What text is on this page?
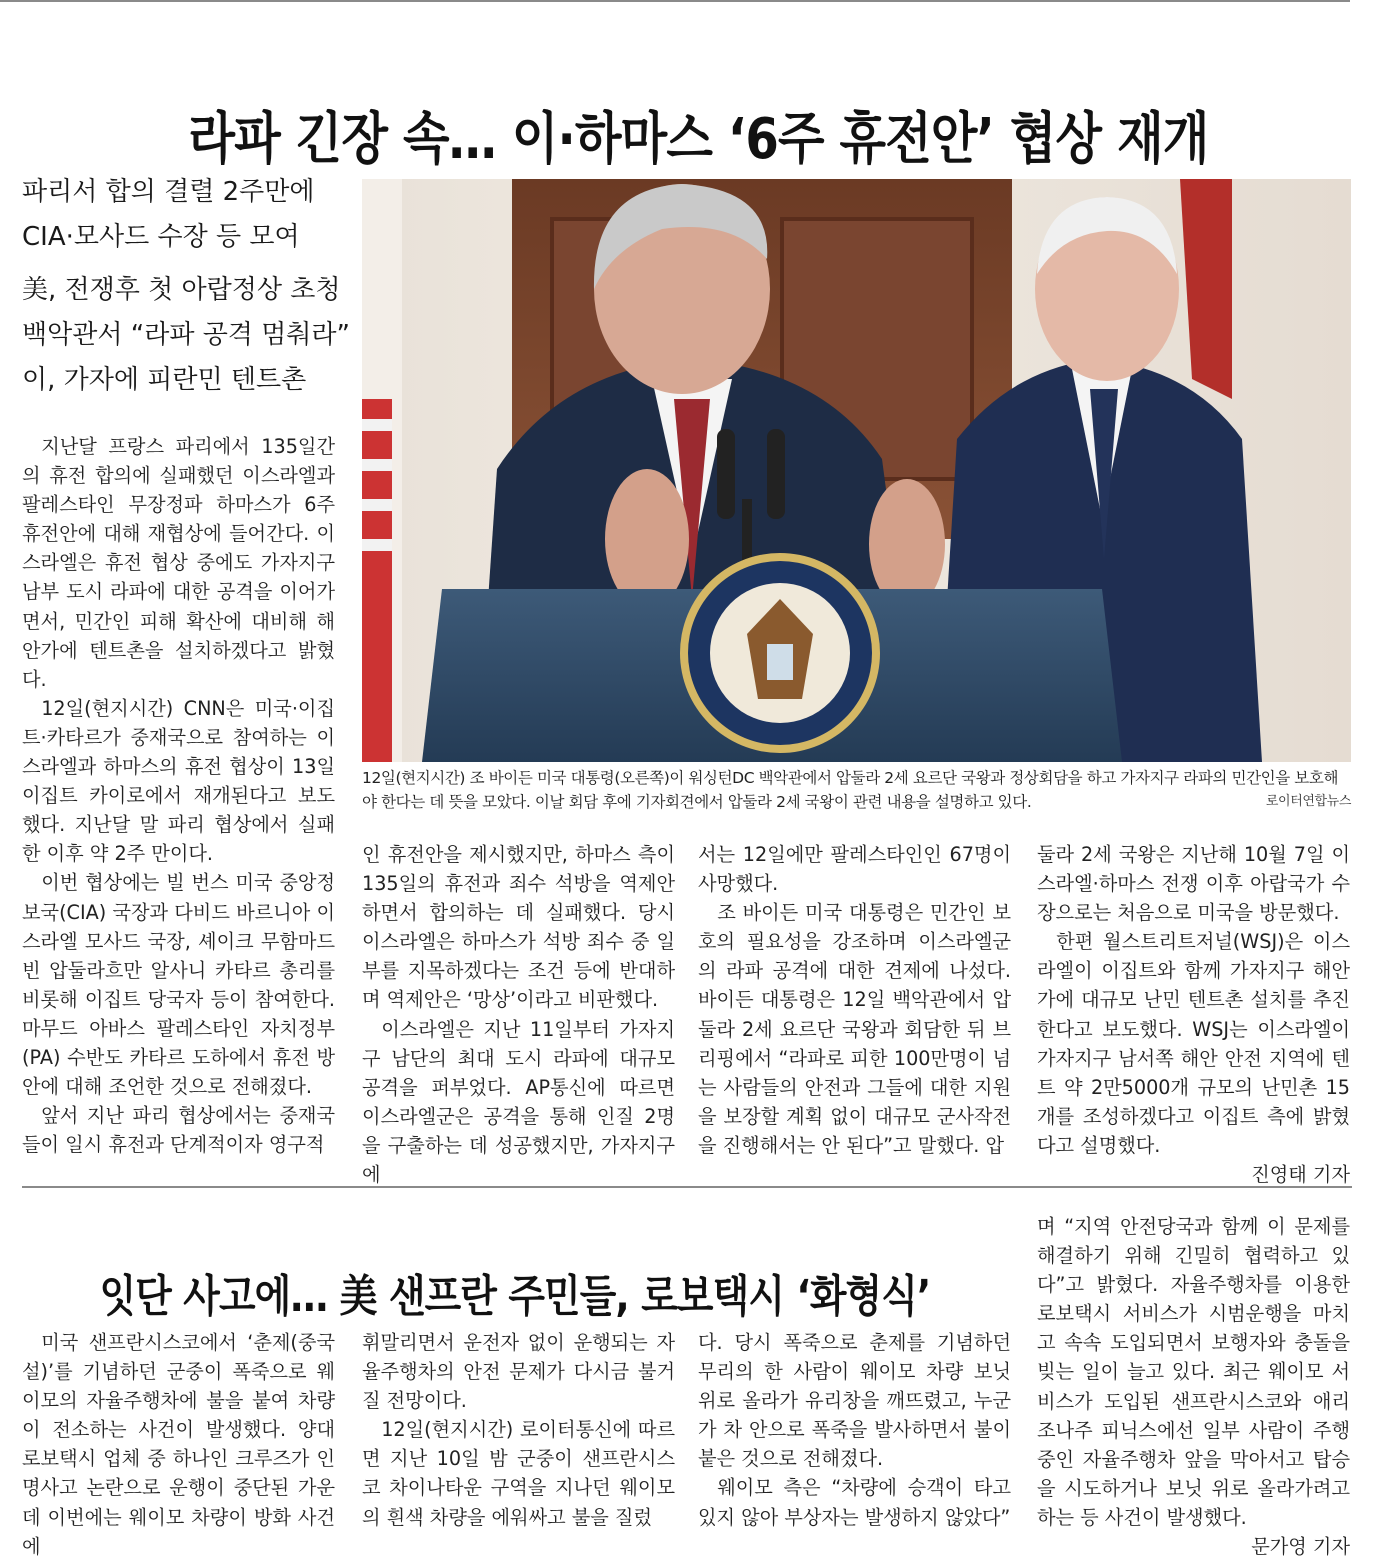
라파 긴장 속… 이·하마스 ‘6주 휴전안’ 협상 재개
파리서 합의 결렬 2주만에
CIA·모사드 수장 등 모여
美, 전쟁후 첫 아랍정상 초청
백악관서 “라파 공격 멈춰라”
이, 가자에 피란민 텐트촌
12일(현지시간) 조 바이든 미국 대통령(오른쪽)이 워싱턴DC 백악관에서 압둘라 2세 요르단 국왕과 정상회담을 하고 가자지구 라파의 민간인을 보호해야 한다는 데 뜻을 모았다. 이날 회담 후에 기자회견에서 압둘라 2세 국왕이 관련 내용을 설명하고 있다.	로이터연합뉴스

지난달 프랑스 파리에서 135일간의 휴전 합의에 실패했던 이스라엘과 팔레스타인 무장정파 하마스가 6주 휴전안에 대해 재협상에 들어간다. 이스라엘은 휴전 협상 중에도 가자지구 남부 도시 라파에 대한 공격을 이어가면서, 민간인 피해 확산에 대비해 해안가에 텐트촌을 설치하겠다고 밝혔다.

12일(현지시간) CNN은 미국·이집트·카타르가 중재국으로 참여하는 이스라엘과 하마스의 휴전 협상이 13일 이집트 카이로에서 재개된다고 보도했다. 지난달 말 파리 협상에서 실패한 이후 약 2주 만이다.

이번 협상에는 빌 번스 미국 중앙정보국(CIA) 국장과 다비드 바르니아 이스라엘 모사드 국장, 셰이크 무함마드 빈 압둘라흐만 알사니 카타르 총리를 비롯해 이집트 당국자 등이 참여한다. 마무드 아바스 팔레스타인 자치정부(PA) 수반도 카타르 도하에서 휴전 방안에 대해 조언한 것으로 전해졌다.

앞서 지난 파리 협상에서는 중재국들이 일시 휴전과 단계적이자 영구적

인 휴전안을 제시했지만, 하마스 측이 135일의 휴전과 죄수 석방을 역제안하면서 합의하는 데 실패했다. 당시 이스라엘은 하마스가 석방 죄수 중 일부를 지목하겠다는 조건 등에 반대하며 역제안은 ‘망상’이라고 비판했다.

이스라엘은 지난 11일부터 가자지구 남단의 최대 도시 라파에 대규모 공격을 퍼부었다. AP통신에 따르면 이스라엘군은 공격을 통해 인질 2명을 구출하는 데 성공했지만, 가자지구에

서는 12일에만 팔레스타인인 67명이 사망했다.

조 바이든 미국 대통령은 민간인 보호의 필요성을 강조하며 이스라엘군의 라파 공격에 대한 견제에 나섰다. 바이든 대통령은 12일 백악관에서 압둘라 2세 요르단 국왕과 회담한 뒤 브리핑에서 “라파로 피한 100만명이 넘는 사람들의 안전과 그들에 대한 지원을 보장할 계획 없이 대규모 군사작전을 진행해서는 안 된다”고 말했다. 압

둘라 2세 국왕은 지난해 10월 7일 이스라엘·하마스 전쟁 이후 아랍국가 수장으로는 처음으로 미국을 방문했다.

한편 월스트리트저널(WSJ)은 이스라엘이 이집트와 함께 가자지구 해안가에 대규모 난민 텐트촌 설치를 추진한다고 보도했다. WSJ는 이스라엘이 가자지구 남서쪽 해안 안전 지역에 텐트 약 2만5000개 규모의 난민촌 15개를 조성하겠다고 이집트 측에 밝혔다고 설명했다.

진영태 기자
잇단 사고에… 美 샌프란 주민들, 로보택시 ‘화형식’

미국 샌프란시스코에서 ‘춘제(중국설)’를 기념하던 군중이 폭죽으로 웨이모의 자율주행차에 불을 붙여 차량이 전소하는 사건이 발생했다. 양대 로보택시 업체 중 하나인 크루즈가 인명사고 논란으로 운행이 중단된 가운데 이번에는 웨이모 차량이 방화 사건에

휘말리면서 운전자 없이 운행되는 자율주행차의 안전 문제가 다시금 불거질 전망이다.

12일(현지시간) 로이터통신에 따르면 지난 10일 밤 군중이 샌프란시스코 차이나타운 구역을 지나던 웨이모의 흰색 차량을 에워싸고 불을 질렀

다. 당시 폭죽으로 춘제를 기념하던 무리의 한 사람이 웨이모 차량 보닛 위로 올라가 유리창을 깨뜨렸고, 누군가 차 안으로 폭죽을 발사하면서 불이 붙은 것으로 전해졌다.

웨이모 측은 “차량에 승객이 타고 있지 않아 부상자는 발생하지 않았다”

며 “지역 안전당국과 함께 이 문제를 해결하기 위해 긴밀히 협력하고 있다”고 밝혔다. 자율주행차를 이용한 로보택시 서비스가 시범운행을 마치고 속속 도입되면서 보행자와 충돌을 빚는 일이 늘고 있다. 최근 웨이모 서비스가 도입된 샌프란시스코와 애리조나주 피닉스에선 일부 사람이 주행 중인 자율주행차 앞을 막아서고 탑승을 시도하거나 보닛 위로 올라가려고 하는 등 사건이 발생했다.

문가영 기자
